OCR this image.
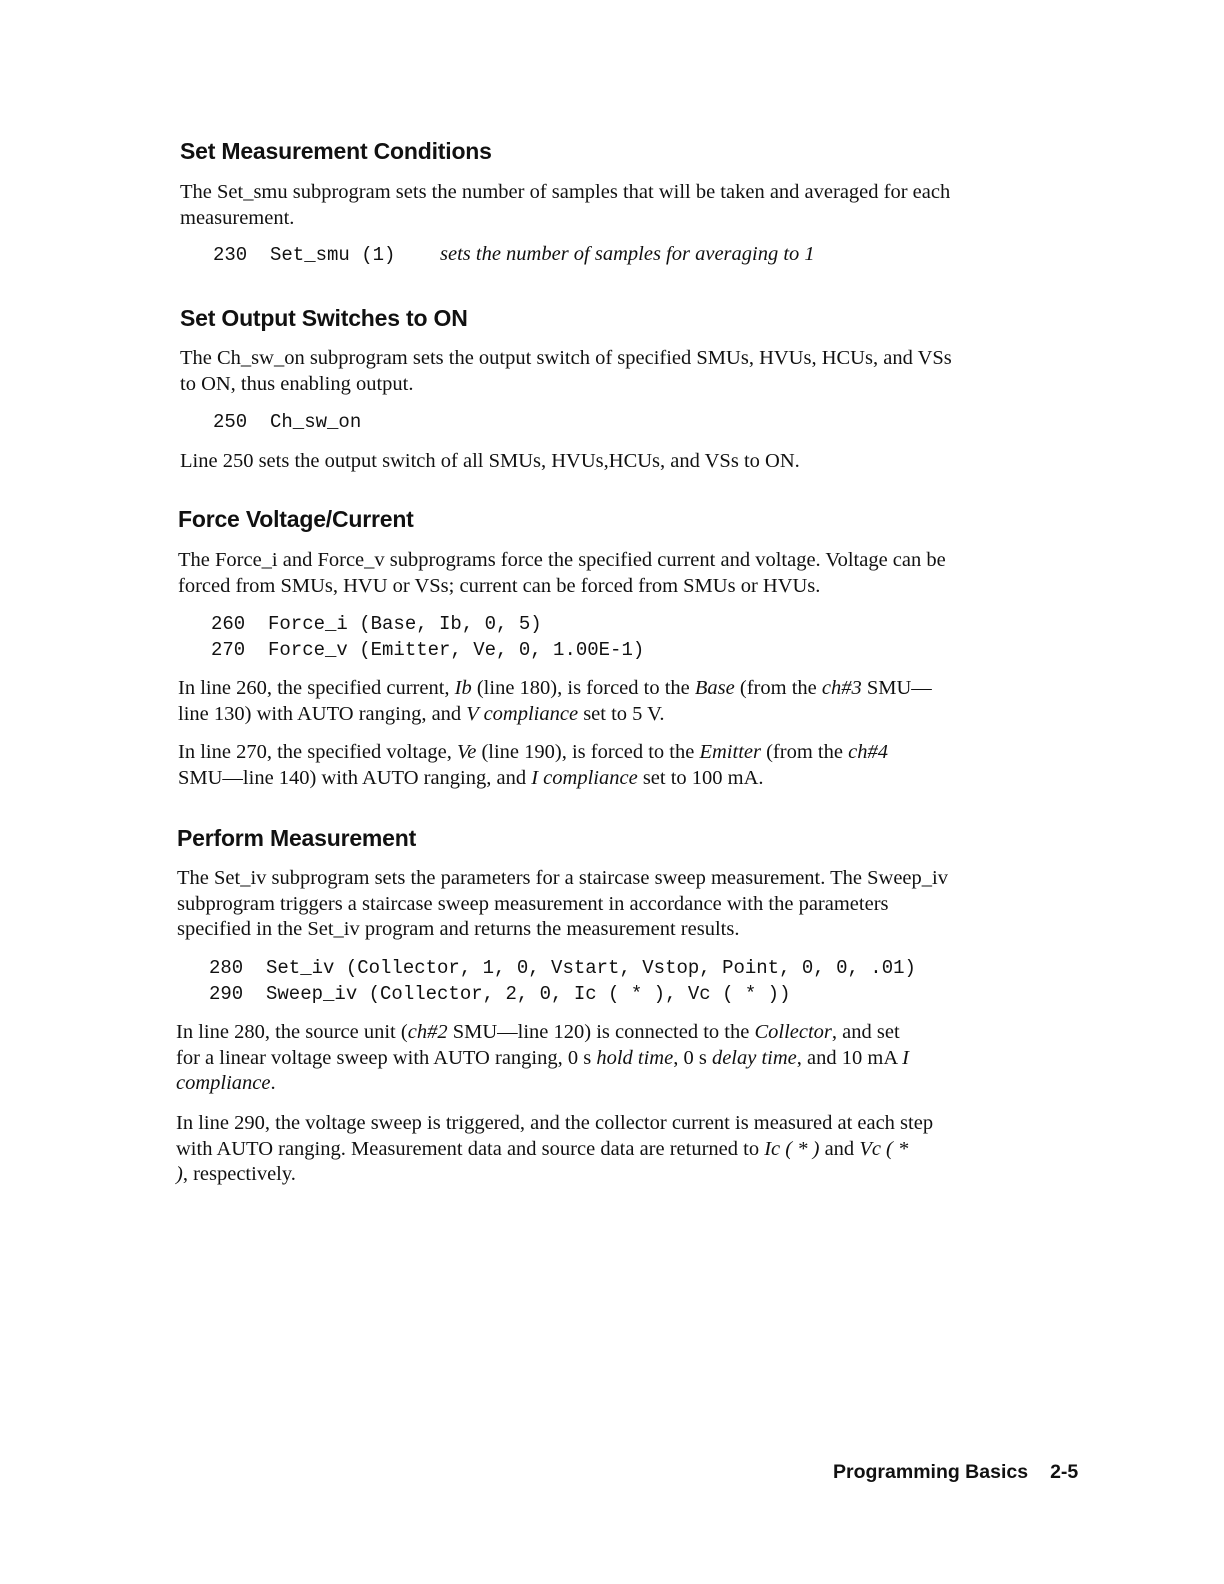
Set Measurement Conditions
The Set_smu subprogram sets the number of samples that will be taken and averaged for each
measurement.
230 Set_smu (1) sets the number of samples for averaging to 1
Set Output Switches to ON
The Ch_sw_on subprogram sets the output switch of specified SMUs, HVUs, HCUs, and VSs
to ON, thus enabling output.
250 Ch_sw_on
Line 250 sets the output switch of all SMUs, HVUs,HCUs, and VSs to ON.
Force Voltage/Current
The Force_i and Force_v subprograms force the specified current and voltage. Voltage can be
forced from SMUs, HVU or VSs; current can be forced from SMUs or HVUs.
260 Force_i (Base, Ib, 0, 5)
270 Force_v (Emitter, Ve, 0, 1.00E-1)
In line 260, the specified current, Ib (line 180), is forced to the Base (from the ch#3 SMU—
line 130) with AUTO ranging, and V compliance set to 5 V.
In line 270, the specified voltage, Ve (line 190), is forced to the Emitter (from the ch#4
SMU—line 140) with AUTO ranging, and I compliance set to 100 mA.
Perform Measurement
The Set_iv subprogram sets the parameters for a staircase sweep measurement. The Sweep_iv
subprogram triggers a staircase sweep measurement in accordance with the parameters
specified in the Set_iv program and returns the measurement results.
280 Set_iv (Collector, 1, 0, Vstart, Vstop, Point, 0, 0, .01)
290 Sweep_iv (Collector, 2, 0, Ic ( * ), Vc ( * ))
In line 280, the source unit (ch#2 SMU—line 120) is connected to the Collector, and set
for a linear voltage sweep with AUTO ranging, 0 s hold time, 0 s delay time, and 10 mA I
compliance.
In line 290, the voltage sweep is triggered, and the collector current is measured at each step
with AUTO ranging. Measurement data and source data are returned to Ic ( * ) and Vc ( *
), respectively.
Programming Basics 2-5
